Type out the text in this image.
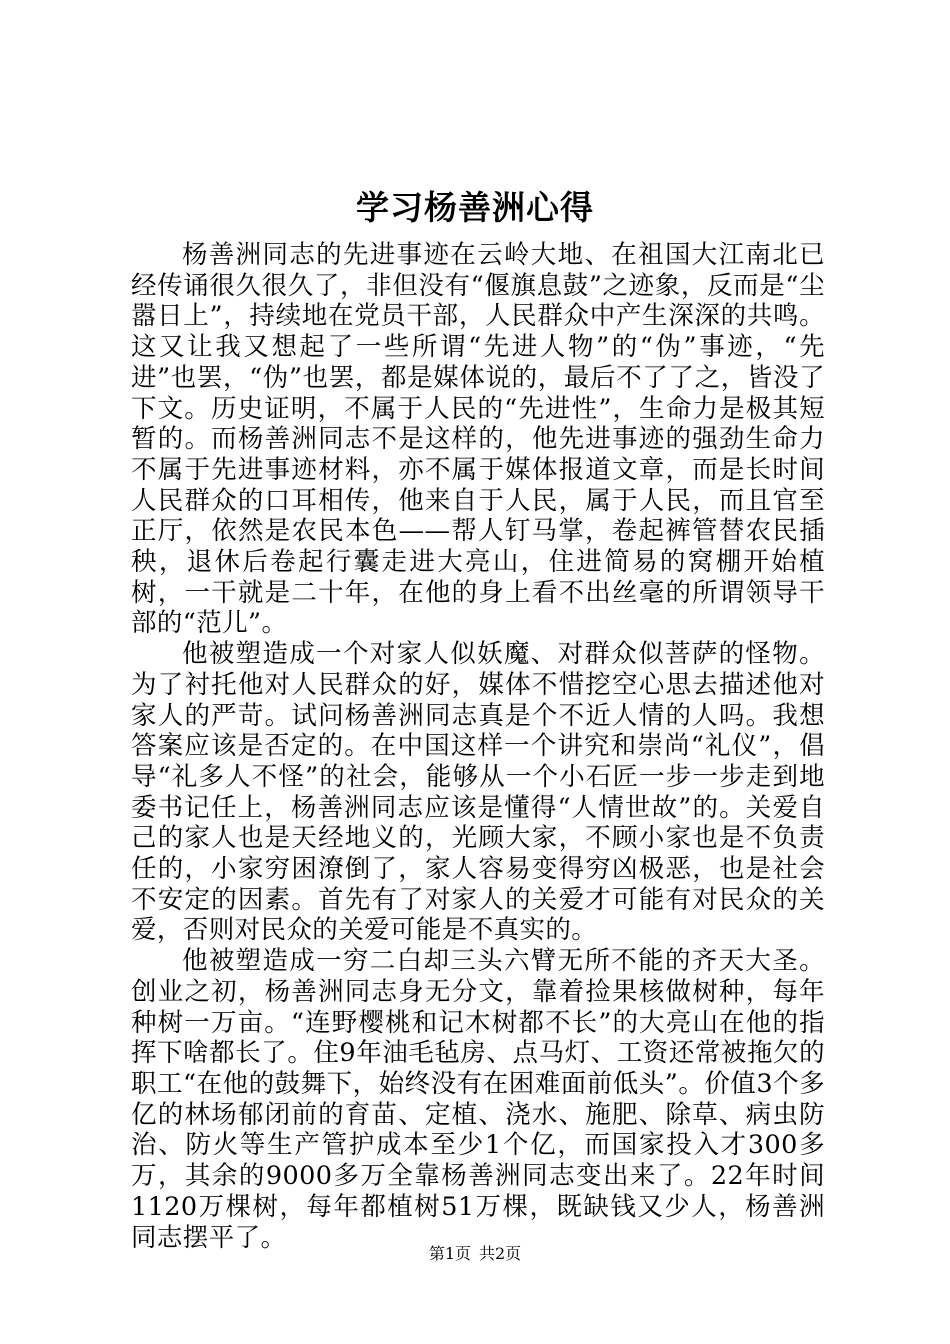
学习杨善洲心得

杨善洲同志的先进事迹在云岭大地、在祖国大江南北已经传诵很久很久了，非但没有“偃旗息鼓”之迹象，反而是“尘嚣日上”，持续地在党员干部，人民群众中产生深深的共鸣。这又让我又想起了一些所谓“先进人物”的“伪”事迹，“先进”也罢，“伪”也罢，都是媒体说的，最后不了了之，皆没了下文。历史证明，不属于人民的“先进性”，生命力是极其短暂的。而杨善洲同志不是这样的，他先进事迹的强劲生命力不属于先进事迹材料，亦不属于媒体报道文章，而是长时间人民群众的口耳相传，他来自于人民，属于人民，而且官至正厅，依然是农民本色——帮人钉马掌，卷起裤管替农民插秧，退休后卷起行囊走进大亮山，住进简易的窝棚开始植树，一干就是二十年，在他的身上看不出丝毫的所谓领导干部的“范儿”。

他被塑造成一个对家人似妖魔、对群众似菩萨的怪物。为了衬托他对人民群众的好，媒体不惜挖空心思去描述他对家人的严苛。试问杨善洲同志真是个不近人情的人吗。我想答案应该是否定的。在中国这样一个讲究和崇尚“礼仪”，倡导“礼多人不怪”的社会，能够从一个小石匠一步一步走到地委书记任上，杨善洲同志应该是懂得“人情世故”的。关爱自己的家人也是天经地义的，光顾大家，不顾小家也是不负责任的，小家穷困潦倒了，家人容易变得穷凶极恶，也是社会不安定的因素。首先有了对家人的关爱才可能有对民众的关爱，否则对民众的关爱可能是不真实的。

他被塑造成一穷二白却三头六臂无所不能的齐天大圣。创业之初，杨善洲同志身无分文，靠着捡果核做树种，每年种树一万亩。“连野樱桃和记木树都不长”的大亮山在他的指挥下啥都长了。住9年油毛毡房、点马灯、工资还常被拖欠的职工“在他的鼓舞下，始终没有在困难面前低头”。价值3个多亿的林场郁闭前的育苗、定植、浇水、施肥、除草、病虫防治、防火等生产管护成本至少1个亿，而国家投入才300多万，其余的9000多万全靠杨善洲同志变出来了。22年时间1120万棵树，每年都植树51万棵，既缺钱又少人，杨善洲同志摆平了。

第1页 共2页
